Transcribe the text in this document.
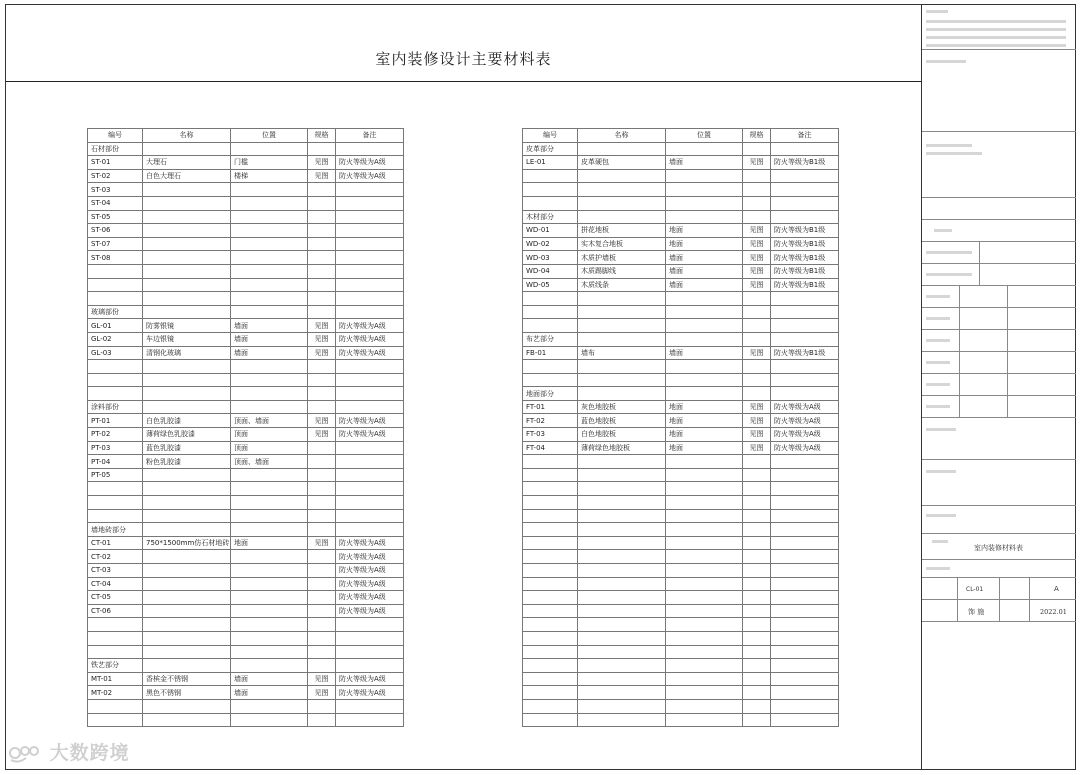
室内装修设计主要材料表
编号	名称	位置	规格	备注
石材部份				
ST-01	大理石	门槛	见图	防火等级为A级
ST-02	白色大理石	楼梯	见图	防火等级为A级
ST-03				
ST-04				
ST-05				
ST-06				
ST-07				
ST-08				

玻璃部份				
GL-01	防雾银镜	墙面	见图	防火等级为A级
GL-02	车边银镜	墙面	见图	防火等级为A级
GL-03	清钢化玻璃	墙面	见图	防火等级为A级

涂料部份				
PT-01	白色乳胶漆	顶面、墙面	见图	防火等级为A级
PT-02	薄荷绿色乳胶漆	顶面	见图	防火等级为A级
PT-03	蓝色乳胶漆	顶面		
PT-04	粉色乳胶漆	顶面、墙面		
PT-05				

墙地砖部分				
CT-01	750*1500mm仿石材地砖	地面	见图	防火等级为A级
CT-02				防火等级为A级
CT-03				防火等级为A级
CT-04				防火等级为A级
CT-05				防火等级为A级
CT-06				防火等级为A级

铁艺部分				
MT-01	香槟金不锈钢	墙面	见图	防火等级为A级
MT-02	黑色不锈钢	墙面	见图	防火等级为A级

编号	名称	位置	规格	备注
皮革部分				
LE-01	皮革硬包	墙面	见图	防火等级为B1级

木材部分				
WD-01	拼花地板	地面	见图	防火等级为B1级
WD-02	实木复合地板	地面	见图	防火等级为B1级
WD-03	木质护墙板	墙面	见图	防火等级为B1级
WD-04	木质踢脚线	墙面	见图	防火等级为B1级
WD-05	木质线条	墙面	见图	防火等级为B1级

布艺部分				
FB-01	墙布	墙面	见图	防火等级为B1级

地面部分				
FT-01	灰色地胶板	地面	见图	防火等级为A级
FT-02	蓝色地胶板	地面	见图	防火等级为A级
FT-03	白色地胶板	地面	见图	防火等级为A级
FT-04	薄荷绿色地胶板	地面	见图	防火等级为A级

室内装修材料表
CL-01	A
饰 施	2022.01
大数跨境
